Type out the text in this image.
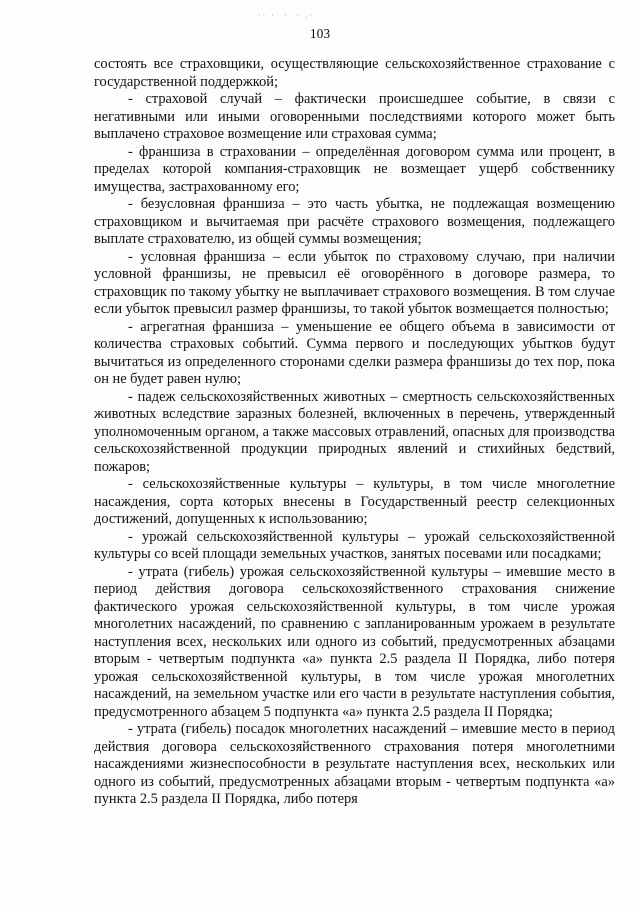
·· ·  ·  · .·
103

состоять все страховщики, осуществляющие сельскохозяйственное страхование с государственной поддержкой;

- страховой случай – фактически происшедшее событие, в связи с негативными или иными оговоренными последствиями которого может быть выплачено страховое возмещение или страховая сумма;

- франшиза в страховании – определённая договором сумма или процент, в пределах которой компания-страховщик не возмещает ущерб собственнику имущества, застрахованному его;

- безусловная франшиза – это часть убытка, не подлежащая возмещению страховщиком и вычитаемая при расчёте страхового возмещения, подлежащего выплате страхователю, из общей суммы возмещения;

- условная франшиза – если убыток по страховому случаю, при наличии условной франшизы, не превысил её оговорённого в договоре размера, то страховщик по такому убытку не выплачивает страхового возмещения. В том случае если убыток превысил размер франшизы, то такой убыток возмещается полностью;

- агрегатная франшиза – уменьшение ее общего объема в зависимости от количества страховых событий. Сумма первого и последующих убытков будут вычитаться из определенного сторонами сделки размера франшизы до тех пор, пока он не будет равен нулю;

- падеж сельскохозяйственных животных – смертность сельскохозяйственных животных вследствие заразных болезней, включенных в перечень, утвержденный уполномоченным органом, а также массовых отравлений, опасных для производства сельскохозяйственной продукции природных явлений и стихийных бедствий, пожаров;

- сельскохозяйственные культуры – культуры, в том числе многолетние насаждения, сорта которых внесены в Государственный реестр селекционных достижений, допущенных к использованию;

- урожай сельскохозяйственной культуры – урожай сельскохозяйственной культуры со всей площади земельных участков, занятых посевами или посадками;

- утрата (гибель) урожая сельскохозяйственной культуры – имевшие место в период действия договора сельскохозяйственного страхования снижение фактического урожая сельскохозяйственной культуры, в том числе урожая многолетних насаждений, по сравнению с запланированным урожаем в результате наступления всех, нескольких или одного из событий, предусмотренных абзацами вторым - четвертым подпункта «а» пункта 2.5 раздела II Порядка, либо потеря урожая сельскохозяйственной культуры, в том числе урожая многолетних насаждений, на земельном участке или его части в результате наступления события, предусмотренного абзацем 5 подпункта «а» пункта 2.5 раздела II Порядка;

- утрата (гибель) посадок многолетних насаждений – имевшие место в период действия договора сельскохозяйственного страхования потеря многолетними насаждениями жизнеспособности в результате наступления всех, нескольких или одного из событий, предусмотренных абзацами вторым - четвертым подпункта «а» пункта 2.5 раздела II Порядка, либо потеря
